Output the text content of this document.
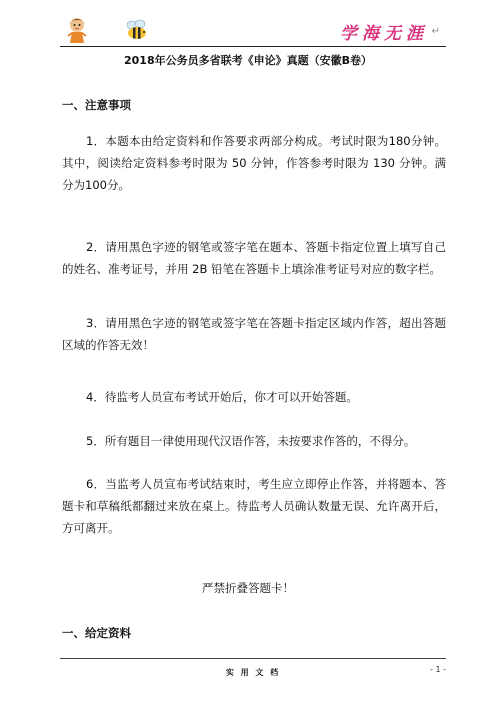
学海无涯 ↵
2018年公务员多省联考《申论》真题（安徽B卷）
一、注意事项

1．本题本由给定资料和作答要求两部分构成。考试时限为180分钟。其中，阅读给定资料参考时限为 50 分钟，作答参考时限为 130 分钟。满分为100分。

2．请用黑色字迹的钢笔或签字笔在题本、答题卡指定位置上填写自己的姓名、准考证号，并用 2B 铅笔在答题卡上填涂准考证号对应的数字栏。

3．请用黑色字迹的钢笔或签字笔在答题卡指定区域内作答，超出答题区域的作答无效！

4．待监考人员宣布考试开始后，你才可以开始答题。

5．所有题目一律使用现代汉语作答，未按要求作答的，不得分。

6．当监考人员宣布考试结束时，考生应立即停止作答，并将题本、答题卡和草稿纸都翻过来放在桌上。待监考人员确认数量无误、允许离开后，方可离开。

严禁折叠答题卡！
一、给定资料
实 用 文 档	- 1 -
